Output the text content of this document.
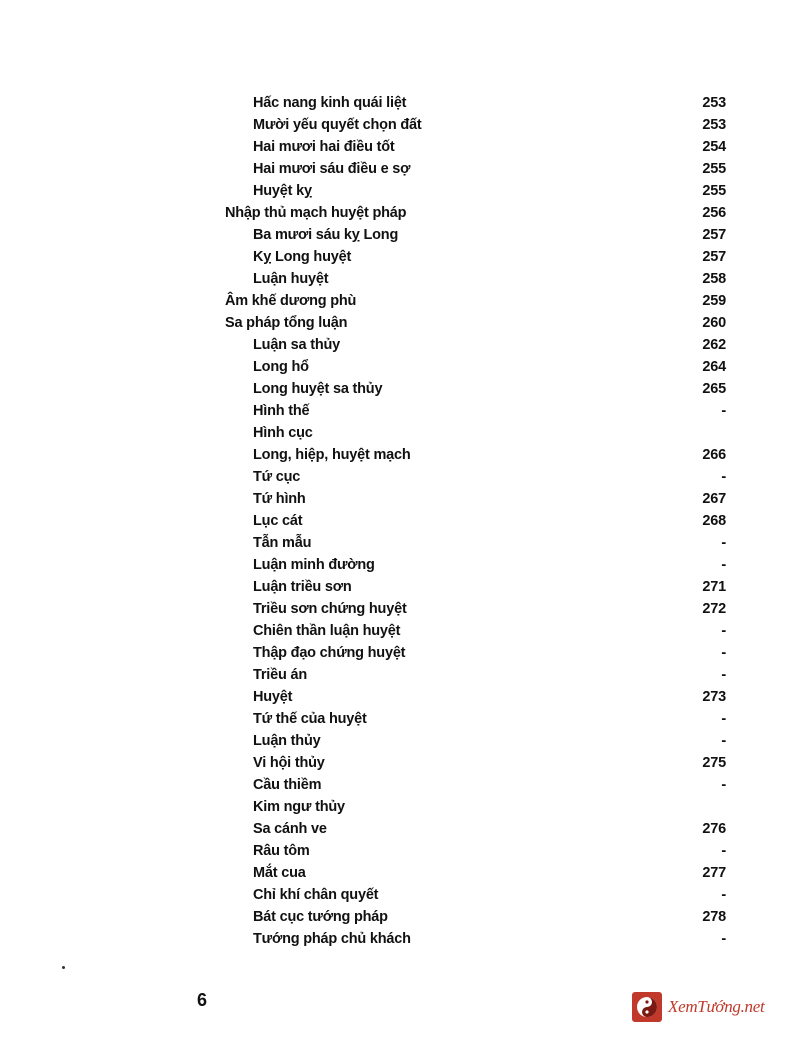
Hấc nang kinh quái liệt	253
Mười yếu quyết chọn đất	253
Hai mươi hai điều tốt	254
Hai mươi sáu điều e sợ	255
Huyệt kỵ	255
Nhập thủ mạch huyệt pháp	256
Ba mươi sáu kỵ Long	257
Kỵ Long huyệt	257
Luận huyệt	258
Âm khế dương phù	259
Sa pháp tổng luận	260
Luận sa thủy	262
Long hổ	264
Long huyệt sa thủy	265
Hình thế	-
Hình cục
Long, hiệp, huyệt mạch	266
Tứ cục	-
Tứ hình	267
Lục cát	268
Tẫn mẫu	-
Luận minh đường	-
Luận triều sơn	271
Triều sơn chứng huyệt	272
Chiên thần luận huyệt	-
Thập đạo chứng huyệt	-
Triều án	-
Huyệt	273
Tứ thế của huyệt	-
Luận thủy	-
Vi hội thủy	275
Cầu thiềm	-
Kim ngư thủy
Sa cánh ve	276
Râu tôm	-
Mắt cua	277
Chỉ khí chân quyết	-
Bát cục tướng pháp	278
Tướng pháp chủ khách	-
6	XemTướng.net
